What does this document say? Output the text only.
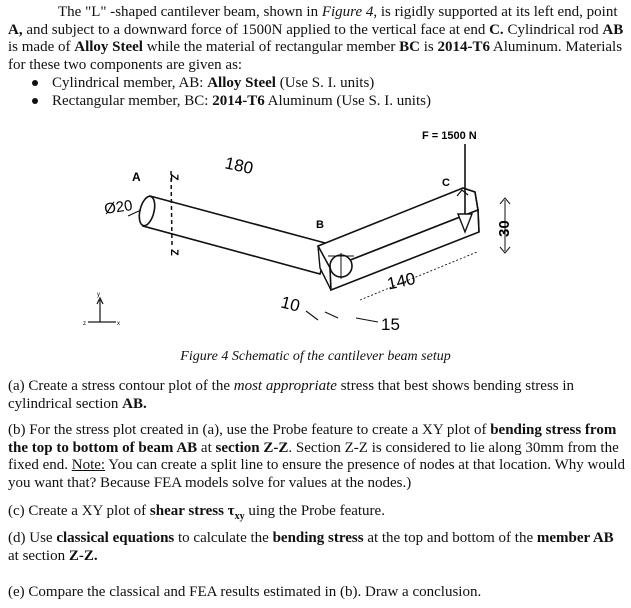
The "L" -shaped cantilever beam, shown in Figure 4, is rigidly supported at its left end, point A, and subject to a downward force of 1500N applied to the vertical face at end C. Cylindrical rod AB is made of Alloy Steel while the material of rectangular member BC is 2014-T6 Aluminum. Materials for these two components are given as:

Cylindrical member, AB: Alloy Steel (Use S. I. units)
Rectangular member, BC: 2014-T6 Aluminum (Use S. I. units)
Z
Z
F = 1500 N
A
B
C
Ø20
180
140
10
15
30
y
x
z
Figure 4 Schematic of the cantilever beam setup

(a) Create a stress contour plot of the most appropriate stress that best shows bending stress in cylindrical section AB.

(b) For the stress plot created in (a), use the Probe feature to create a XY plot of bending stress from the top to bottom of beam AB at section Z-Z. Section Z-Z is considered to lie along 30mm from the fixed end. Note: You can create a split line to ensure the presence of nodes at that location. Why would you want that? Because FEA models solve for values at the nodes.)

(c) Create a XY plot of shear stress $\tau_{xy}$ uing the Probe feature.

(d) Use classical equations to calculate the bending stress at the top and bottom of the member AB at section Z-Z.

(e) Compare the classical and FEA results estimated in (b). Draw a conclusion.
